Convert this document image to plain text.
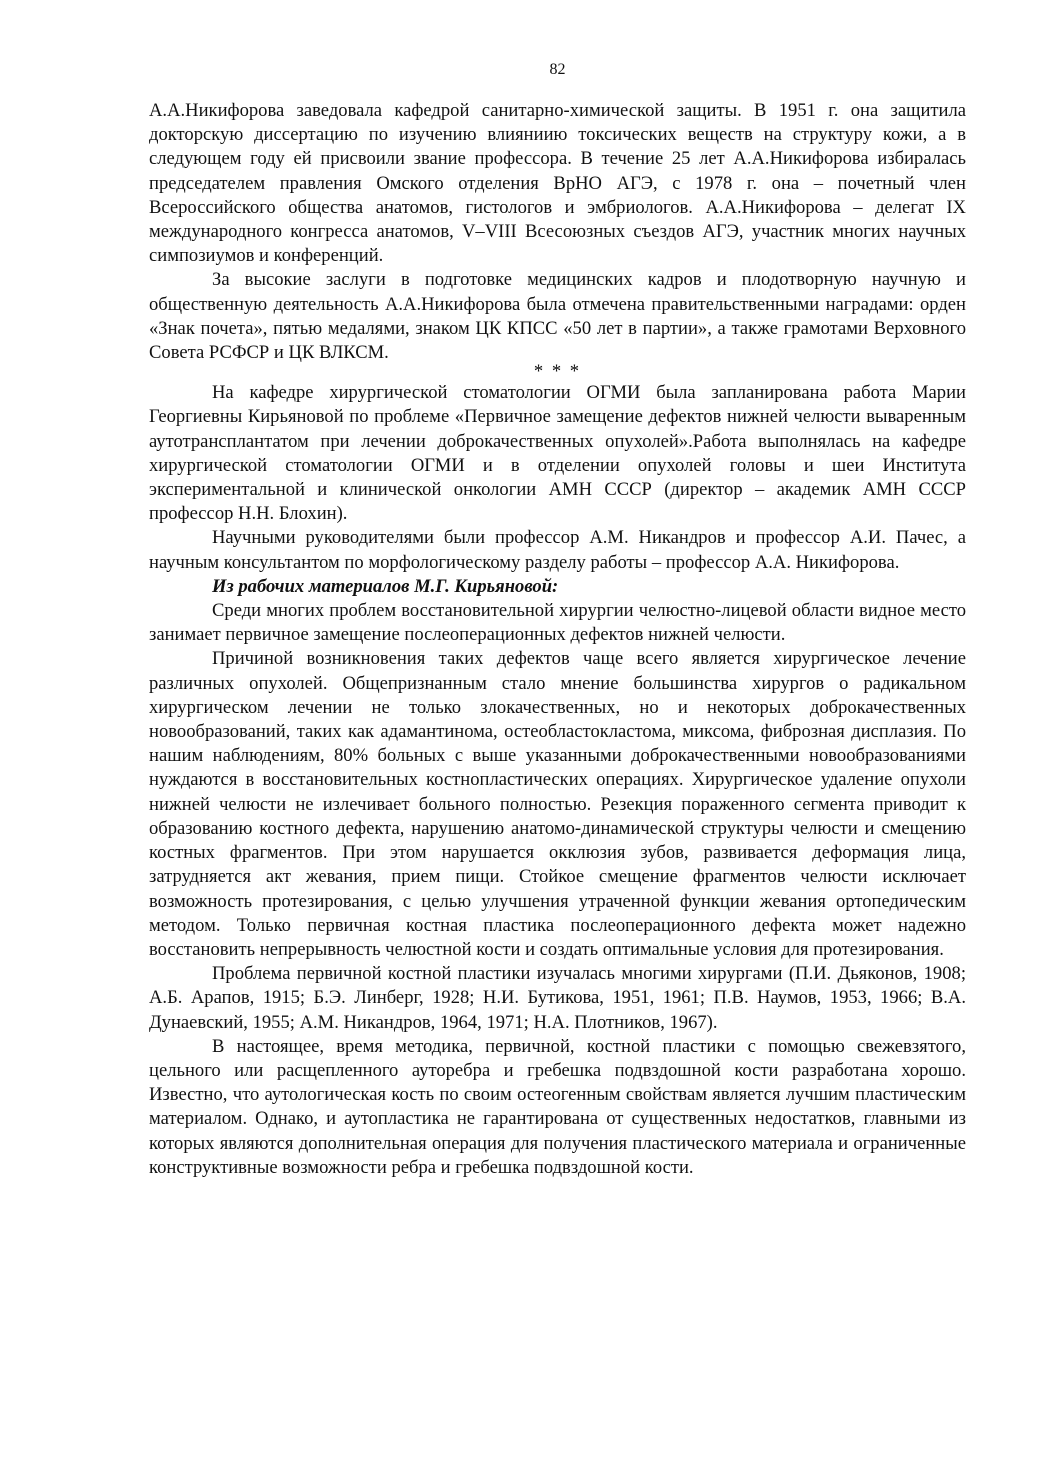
82

А.А.Никифорова заведовала кафедрой санитарно-химической защиты. В 1951 г. она защитила докторскую диссертацию по изучению влияниию токсических веществ на структуру кожи, а в следующем году ей присвоили звание профессора. В течение 25 лет А.А.Никифорова избиралась председателем правления Омского отделения ВрНО АГЭ, с 1978 г. она – почетный член Всероссийского общества анатомов, гистологов и эмбриологов. А.А.Никифорова – делегат IX международного конгресса анатомов, V–VIII Всесоюзных съездов АГЭ, участник многих научных симпозиумов и конференций.

За высокие заслуги в подготовке медицинских кадров и плодотворную научную и общественную деятельность А.А.Никифорова была отмечена правительственными наградами: орден «Знак почета», пятью медалями, знаком ЦК КПСС «50 лет в партии», а также грамотами Верховного Совета РСФСР и ЦК ВЛКСМ.

* * *

На кафедре хирургической стоматологии ОГМИ была запланирована работа Марии Георгиевны Кирьяновой по проблеме «Первичное замещение дефектов нижней челюсти вываренным аутотрансплантатом при лечении доброкачественных опухолей».Работа выполнялась на кафедре хирургической стоматологии ОГМИ и в отделении опухолей головы и шеи Института экспериментальной и клинической онкологии АМН СССР (директор – академик АМН СССР профессор Н.Н. Блохин).

Научными руководителями были профессор А.М. Никандров и профессор А.И. Пачес, а научным консультантом по морфологическому разделу работы – профессор А.А. Никифорова.

Из рабочих материалов М.Г. Кирьяновой:

Среди многих проблем восстановительной хирургии челюстно-лицевой области видное место занимает первичное замещение послеоперационных дефектов нижней челюсти.

Причиной возникновения таких дефектов чаще всего является хирургическое лечение различных опухолей. Общепризнанным стало мнение большинства хирургов о радикальном хирургическом лечении не только злокачественных, но и некоторых доброкачественных новообразований, таких как адамантинома, остеобластокластома, миксома, фиброзная дисплазия. По нашим наблюдениям, 80% больных с выше указанными доброкачественными новообразованиями нуждаются в восстановительных костнопластических операциях. Хирургическое удаление опухоли нижней челюсти не излечивает больного полностью. Резекция пораженного сегмента приводит к образованию костного дефекта, нарушению анатомо-динамической структуры челюсти и смещению костных фрагментов. При этом нарушается окклюзия зубов, развивается деформация лица, затрудняется акт жевания, прием пищи. Стойкое смещение фрагментов челюсти исключает возможность протезирования, с целью улучшения утраченной функции жевания ортопедическим методом. Только первичная костная пластика послеоперационного дефекта может надежно восстановить непрерывность челюстной кости и создать оптимальные условия для протезирования.

Проблема первичной костной пластики изучалась многими хирургами (П.И. Дьяконов, 1908; А.Б. Арапов, 1915; Б.Э. Линберг, 1928; Н.И. Бутикова, 1951, 1961; П.В. Наумов, 1953, 1966; В.А. Дунаевский, 1955; А.М. Никандров, 1964, 1971; Н.А. Плотников, 1967).

В настоящее, время методика, первичной, костной пластики с помощью свежевзятого, цельного или расщепленного ауторебра и гребешка подвздошной кости разработана хорошо. Известно, что аутологическая кость по своим остеогенным свойствам является лучшим пластическим материалом. Однако, и аутопластика не гарантирована от существенных недостатков, главными из которых являются дополнительная операция для получения пластического материала и ограниченные конструктивные возможности ребра и гребешка подвздошной кости.
